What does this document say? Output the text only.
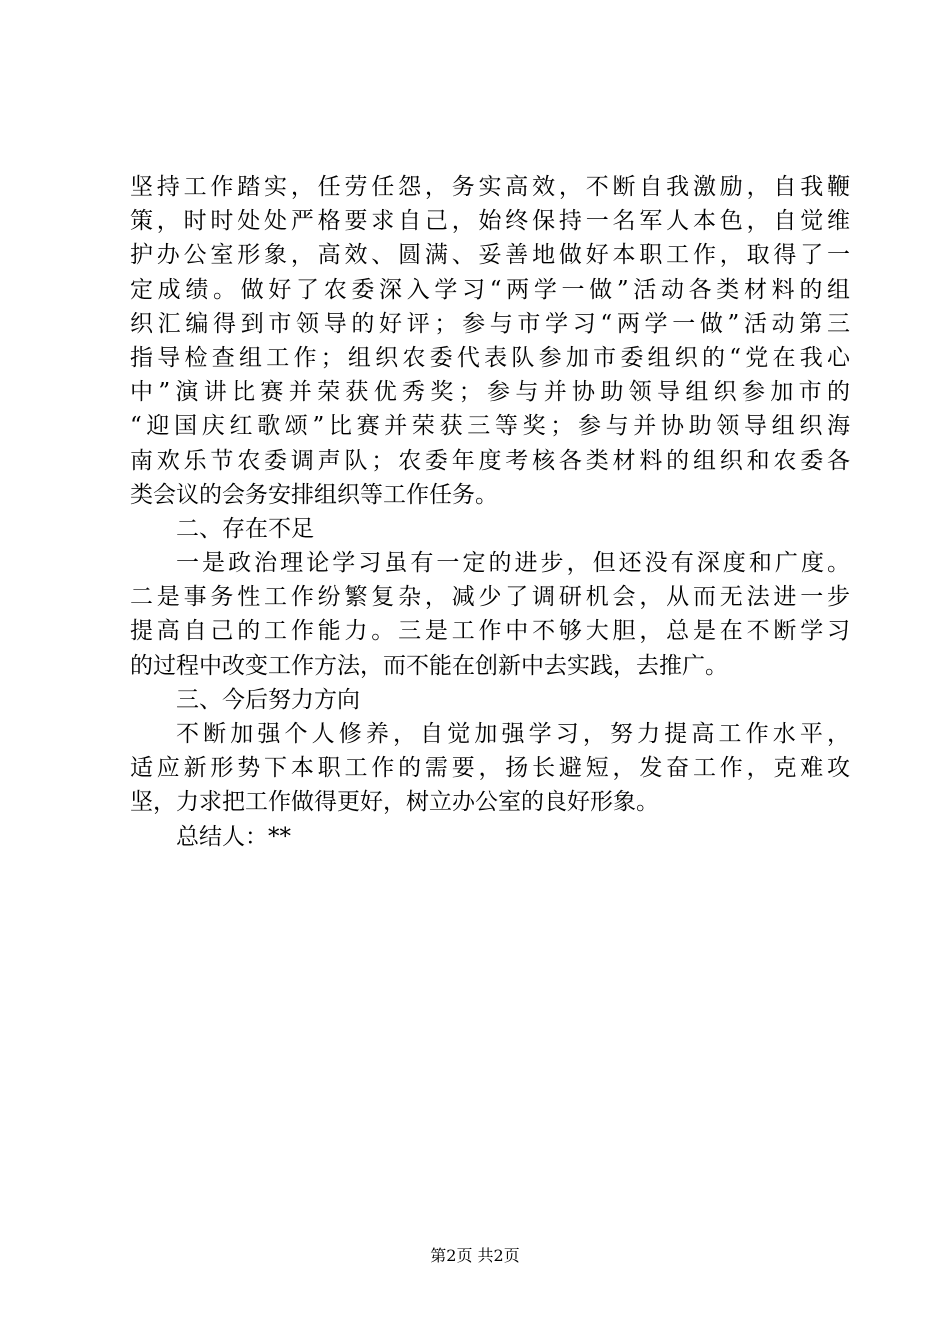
坚持工作踏实，任劳任怨，务实高效，不断自我激励，自我鞭
策，时时处处严格要求自己，始终保持一名军人本色，自觉维
护办公室形象，高效、圆满、妥善地做好本职工作，取得了一
定成绩。做好了农委深入学习“两学一做”活动各类材料的组
织汇编得到市领导的好评；参与市学习“两学一做”活动第三
指导检查组工作；组织农委代表队参加市委组织的“党在我心
中”演讲比赛并荣获优秀奖；参与并协助领导组织参加市的
“迎国庆红歌颂”比赛并荣获三等奖；参与并协助领导组织海
南欢乐节农委调声队；农委年度考核各类材料的组织和农委各
类会议的会务安排组织等工作任务。
二、存在不足
一是政治理论学习虽有一定的进步，但还没有深度和广度。
二是事务性工作纷繁复杂，减少了调研机会，从而无法进一步
提高自己的工作能力。三是工作中不够大胆，总是在不断学习
的过程中改变工作方法，而不能在创新中去实践，去推广。
三、今后努力方向
不断加强个人修养，自觉加强学习，努力提高工作水平，
适应新形势下本职工作的需要，扬长避短，发奋工作，克难攻
坚，力求把工作做得更好，树立办公室的良好形象。
总结人：**
第2页 共2页
